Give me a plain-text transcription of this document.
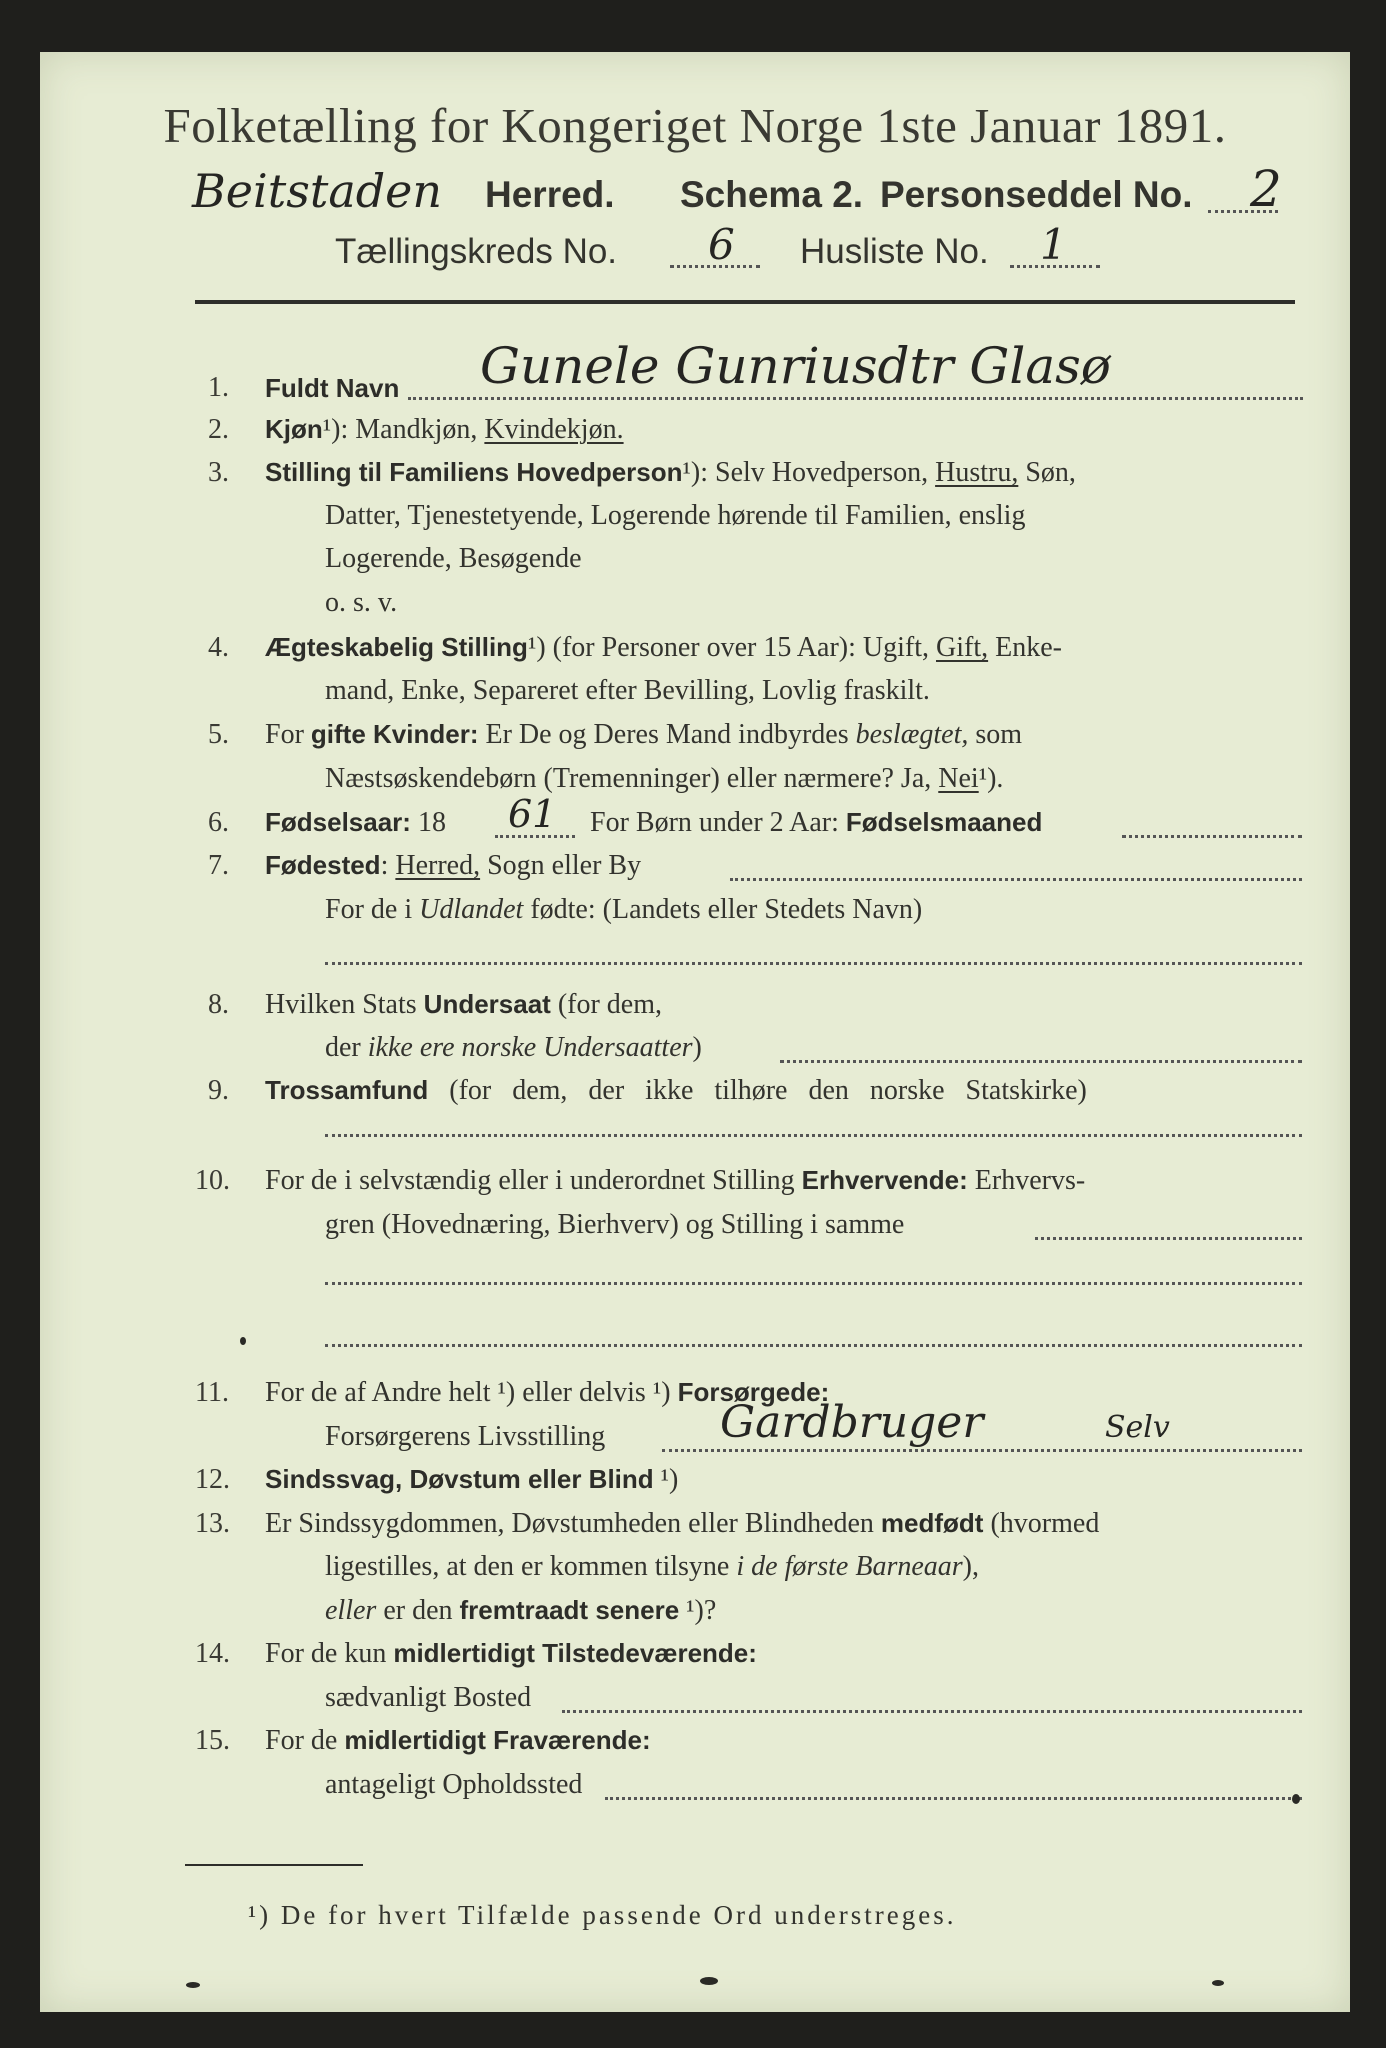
Folketælling for Kongeriget Norge 1ste Januar 1891.
Beitstaden Herred. Schema 2. Personseddel No. 2
Tællingskreds No. 6 Husliste No. 1
1. Fuldt Navn Gunele Gunriusdtr Glasø
2. Kjøn¹): Mandkjøn, Kvindekjøn.
3. Stilling til Familiens Hovedperson¹): Selv Hovedperson, Hustru, Søn,
Datter, Tjenestetyende, Logerende hørende til Familien, enslig
Logerende, Besøgende
o. s. v.
4. Ægteskabelig Stilling¹) (for Personer over 15 Aar): Ugift, Gift, Enke-
mand, Enke, Separeret efter Bevilling, Lovlig fraskilt.
5. For gifte Kvinder: Er De og Deres Mand indbyrdes beslægtet, som
Næstsøskendebørn (Tremenninger) eller nærmere? Ja, Nei¹).
6. Fødselsaar: 18 61 For Børn under 2 Aar: Fødselsmaaned
7. Fødested: Herred, Sogn eller By
For de i Udlandet fødte: (Landets eller Stedets Navn)
8. Hvilken Stats Undersaat (for dem,
der ikke ere norske Undersaatter)
9. Trossamfund (for dem, der ikke tilhøre den norske Statskirke)
10. For de i selvstændig eller i underordnet Stilling Erhvervende: Erhvervs-
gren (Hovednæring, Bierhverv) og Stilling i samme
11. For de af Andre helt ¹) eller delvis ¹) Forsørgede:
Forsørgerens Livsstilling	Gardbruger	Selv
12. Sindssvag, Døvstum eller Blind ¹)
13. Er Sindssygdommen, Døvstumheden eller Blindheden medfødt (hvormed
ligestilles, at den er kommen tilsyne i de første Barneaar),
eller er den fremtraadt senere ¹)?
14. For de kun midlertidigt Tilstedeværende:
sædvanligt Bosted
15. For de midlertidigt Fraværende:
antageligt Opholdssted
¹) De for hvert Tilfælde passende Ord understreges.
